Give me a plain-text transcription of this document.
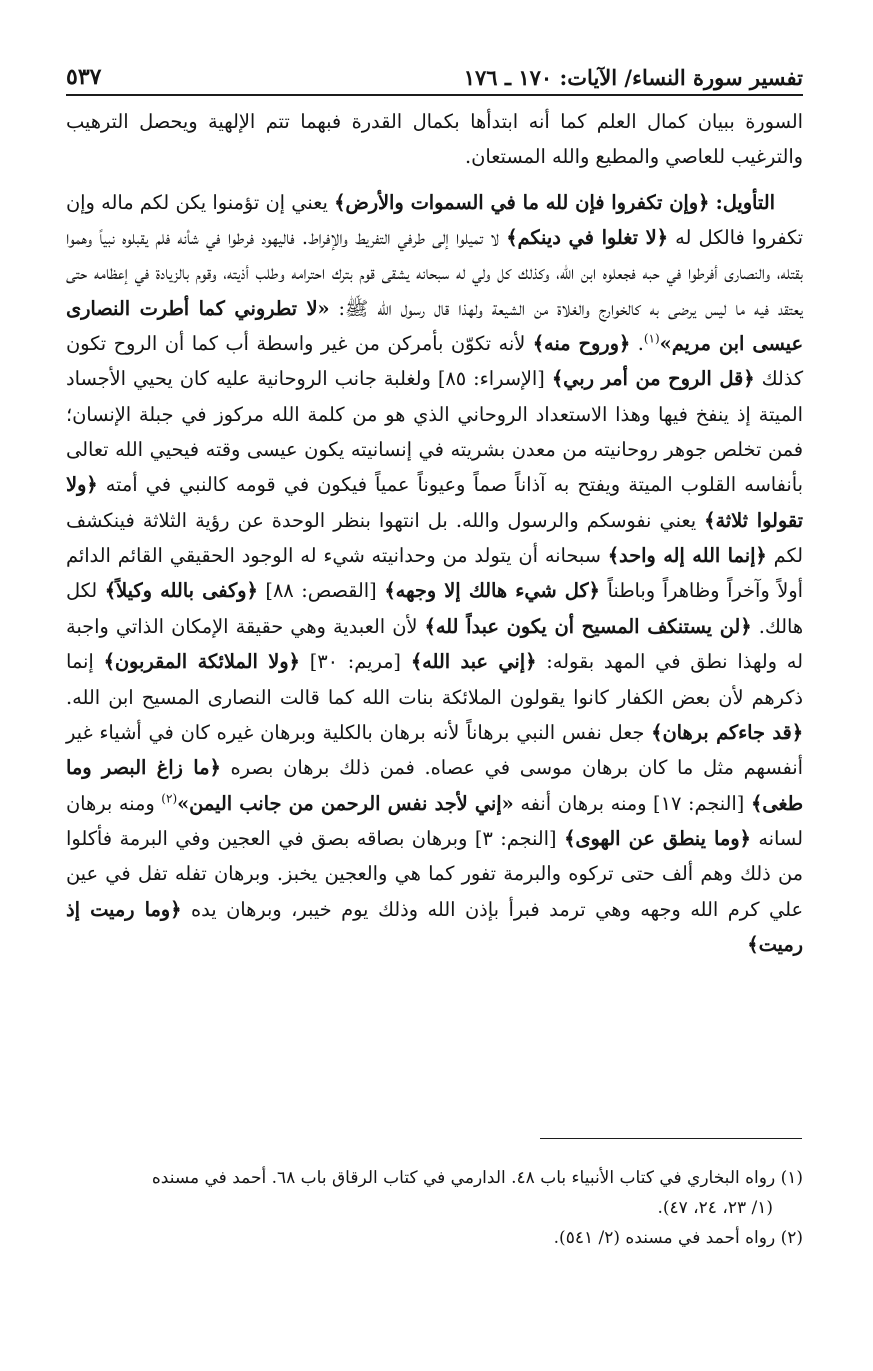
تفسير سورة النساء/ الآيات: ١٧٠ ـ ١٧٦
٥٣٧

السورة ببيان كمال العلم كما أنه ابتدأها بكمال القدرة فبهما تتم الإلهية ويحصل الترهيب والترغيب للعاصي والمطيع والله المستعان.

التأويل: ﴿وإن تكفروا فإن لله ما في السموات والأرض﴾ يعني إن تؤمنوا يكن لكم ماله وإن تكفروا فالكل له ﴿لا تغلوا في دينكم﴾ لا تميلوا إلى طرفي التفريط والإفراط. فاليهود فرطوا في شأنه فلم يقبلوه نبياً وهموا بقتله، والنصارى أفرطوا في حبه فجعلوه ابن الله، وكذلك كل ولي له سبحانه يشقى قوم بترك احترامه وطلب أذيته، وقوم بالزيادة في إعظامه حتى يعتقد فيه ما ليس يرضى به كالخوارج والغلاة من الشيعة ولهذا قال رسول الله ﷺ: «لا تطروني كما أطرت النصارى عيسى ابن مريم»$^{(١)}$. ﴿وروح منه﴾ لأنه تكوّن بأمركن من غير واسطة أب كما أن الروح تكون كذلك ﴿قل الروح من أمر ربي﴾ [الإسراء: ٨٥] ولغلبة جانب الروحانية عليه كان يحيي الأجساد الميتة إذ ينفخ فيها وهذا الاستعداد الروحاني الذي هو من كلمة الله مركوز في جبلة الإنسان؛ فمن تخلص جوهر روحانيته من معدن بشريته في إنسانيته يكون عيسى وقته فيحيي الله تعالى بأنفاسه القلوب الميتة ويفتح به آذاناً صماً وعيوناً عمياً فيكون في قومه كالنبي في أمته ﴿ولا تقولوا ثلاثة﴾ يعني نفوسكم والرسول والله. بل انتهوا بنظر الوحدة عن رؤية الثلاثة فينكشف لكم ﴿إنما الله إله واحد﴾ سبحانه أن يتولد من وحدانيته شيء له الوجود الحقيقي القائم الدائم أولاً وآخراً وظاهراً وباطناً ﴿كل شيء هالك إلا وجهه﴾ [القصص: ٨٨] ﴿وكفى بالله وكيلاً﴾ لكل هالك. ﴿لن يستنكف المسيح أن يكون عبداً لله﴾ لأن العبدية وهي حقيقة الإمكان الذاتي واجبة له ولهذا نطق في المهد بقوله: ﴿إني عبد الله﴾ [مريم: ٣٠] ﴿ولا الملائكة المقربون﴾ إنما ذكرهم لأن بعض الكفار كانوا يقولون الملائكة بنات الله كما قالت النصارى المسيح ابن الله. ﴿قد جاءكم برهان﴾ جعل نفس النبي برهاناً لأنه برهان بالكلية وبرهان غيره كان في أشياء غير أنفسهم مثل ما كان برهان موسى في عصاه. فمن ذلك برهان بصره ﴿ما زاغ البصر وما طغى﴾ [النجم: ١٧] ومنه برهان أنفه «إني لأجد نفس الرحمن من جانب اليمن»$^{(٢)}$ ومنه برهان لسانه ﴿وما ينطق عن الهوى﴾ [النجم: ٣] وبرهان بصاقه بصق في العجين وفي البرمة فأكلوا من ذلك وهم ألف حتى تركوه والبرمة تفور كما هي والعجين يخبز. وبرهان تفله تفل في عين علي كرم الله وجهه وهي ترمد فبرأ بإذن الله وذلك يوم خيبر، وبرهان يده ﴿وما رميت إذ رميت﴾

(١) رواه البخاري في كتاب الأنبياء باب ٤٨. الدارمي في كتاب الرقاق باب ٦٨. أحمد في مسنده

(١/ ٢٣، ٢٤، ٤٧).

(٢) رواه أحمد في مسنده (٢/ ٥٤١).
